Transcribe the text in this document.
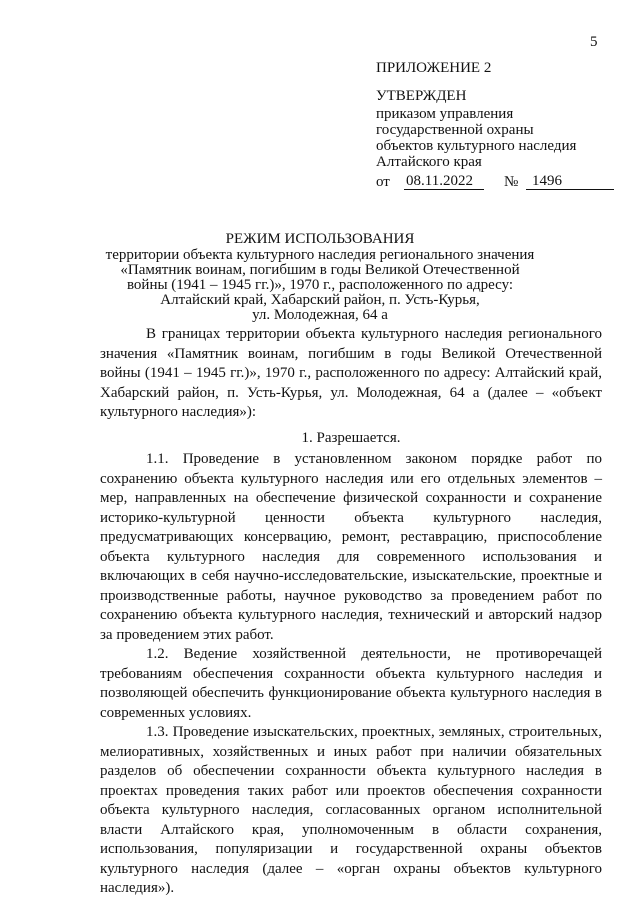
5
ПРИЛОЖЕНИЕ 2
УТВЕРЖДЕН
приказом управления
государственной охраны
объектов культурного наследия
Алтайского края
от	08.11.2022	№ 1496
РЕЖИМ ИСПОЛЬЗОВАНИЯ
территории объекта культурного наследия регионального значения
«Памятник воинам, погибшим в годы Великой Отечественной
войны (1941 – 1945 гг.)», 1970 г., расположенного по адресу:
Алтайский край, Хабарский район, п. Усть-Курья,
ул. Молодежная, 64 а

В границах территории объекта культурного наследия регионального значения «Памятник воинам, погибшим в годы Великой Отечественной войны (1941 – 1945 гг.)», 1970 г., расположенного по адресу: Алтайский край, Хабарский район, п. Усть-Курья, ул. Молодежная, 64 а (далее – «объект культурного наследия»):

1. Разрешается.

1.1. Проведение в установленном законом порядке работ по сохранению объекта культурного наследия или его отдельных элементов – мер, направленных на обеспечение физической сохранности и сохранение историко-культурной ценности объекта культурного наследия, предусматривающих консервацию, ремонт, реставрацию, приспособление объекта культурного наследия для современного использования и включающих в себя научно-исследовательские, изыскательские, проектные и производственные работы, научное руководство за проведением работ по сохранению объекта культурного наследия, технический и авторский надзор за проведением этих работ.

1.2. Ведение хозяйственной деятельности, не противоречащей требованиям обеспечения сохранности объекта культурного наследия и позволяющей обеспечить функционирование объекта культурного наследия в современных условиях.

1.3. Проведение изыскательских, проектных, земляных, строительных, мелиоративных, хозяйственных и иных работ при наличии обязательных разделов об обеспечении сохранности объекта культурного наследия в проектах проведения таких работ или проектов обеспечения сохранности объекта культурного наследия, согласованных органом исполнительной власти Алтайского края, уполномоченным в области сохранения, использования, популяризации и государственной охраны объектов культурного наследия (далее – «орган охраны объектов культурного наследия»).
